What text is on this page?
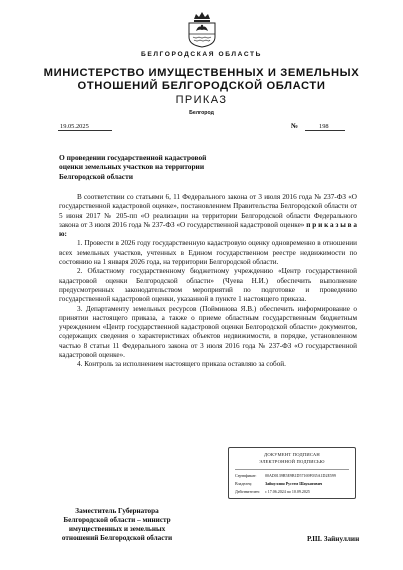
БЕЛГОРОДСКАЯ ОБЛАСТЬ
МИНИСТЕРСТВО ИМУЩЕСТВЕННЫХ И ЗЕМЕЛЬНЫХ
ОТНОШЕНИЙ БЕЛГОРОДСКОЙ ОБЛАСТИ
ПРИКАЗ
Белгород
19.05.2025	№	198
О проведении государственной кадастровой
оценки земельных участков на территории
Белгородской области

В соответствии со статьями 6, 11 Федерального закона от 3 июля 2016 года № 237-ФЗ «О государственной кадастровой оценке», постановлением Правительства Белгородской области от 5 июня 2017 № 205-пп «О реализации на территории Белгородской области Федерального закона от 3 июля 2016 года № 237-ФЗ «О государственной кадастровой оценке» п р и к а з ы в а ю:

1. Провести в 2026 году государственную кадастровую оценку одновременно в отношении всех земельных участков, учтенных в Едином государственном реестре недвижимости по состоянию на 1 января 2026 года, на территории Белгородской области.

2. Областному государственному бюджетному учреждению «Центр государственной кадастровой оценки Белгородской области» (Чуева Н.И.) обеспечить выполнение предусмотренных законодательством мероприятий по подготовке и проведению государственной кадастровой оценки, указанной в пункте 1 настоящего приказа.

3. Департаменту земельных ресурсов (Пойминова Я.В.) обеспечить информирование о принятии настоящего приказа, а также о приеме областным государственным бюджетным учреждением «Центр государственной кадастровой оценки Белгородской области» документов, содержащих сведения о характеристиках объектов недвижимости, в порядке, установленном частью 8 статьи 11 Федерального закона от 3 июля 2016 года № 237-ФЗ «О государственной кадастровой оценке».

4. Контроль за исполнением настоящего приказа оставляю за собой.

ДОКУМЕНТ ПОДПИСАН
ЭЛЕКТРОННОЙ ПОДПИСЬЮ
Сертификат: 00AD0139B5E9B1D57169F035A1D2E599
Владелец:	Зайнуллин Рустем Шаукатович
Действителен: с 17.06.2024 по 10.09.2025
Заместитель Губернатора
Белгородской области – министр
имущественных и земельных
отношений Белгородской области	Р.Ш. Зайнуллин
